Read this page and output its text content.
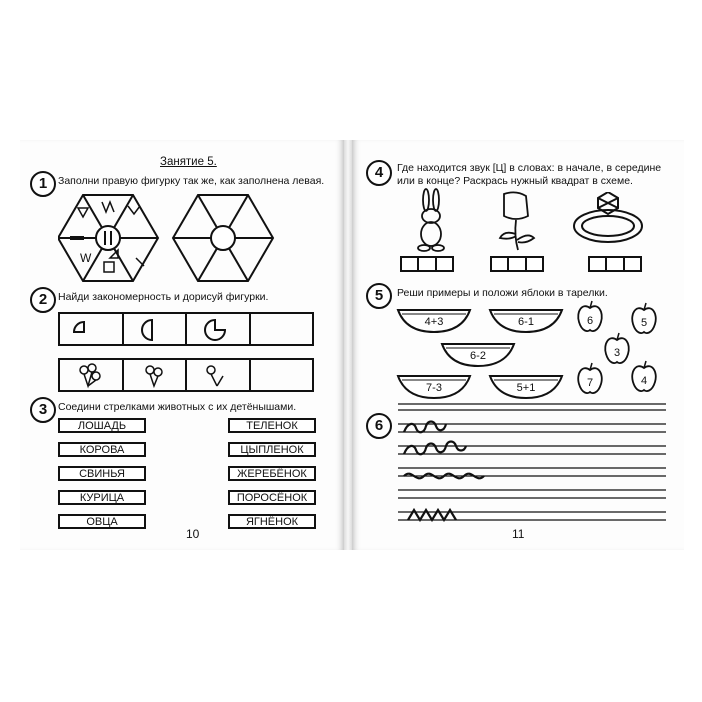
Занятие 5.
1	Заполни правую фигурку так же, как заполнена левая.
W
2	Найди закономерность и дорисуй фигурки.
3	Соедини стрелками животных с их детёнышами.
ЛОШАДЬ
КОРОВА
СВИНЬЯ
КУРИЦА
ОВЦА
ТЕЛЕНОК
ЦЫПЛЕНОК
ЖЕРЕБЁНОК
ПОРОСЁНОК
ЯГНЁНОК
10
4	Где находится звук [Ц] в словах: в начале, в середине
или в конце? Раскрась нужный квадрат в схеме.
5	Реши примеры и положи яблоки в тарелки.
4+3	6-1
6-2
7-3	5+1
6	5
3
7	4
6
11
